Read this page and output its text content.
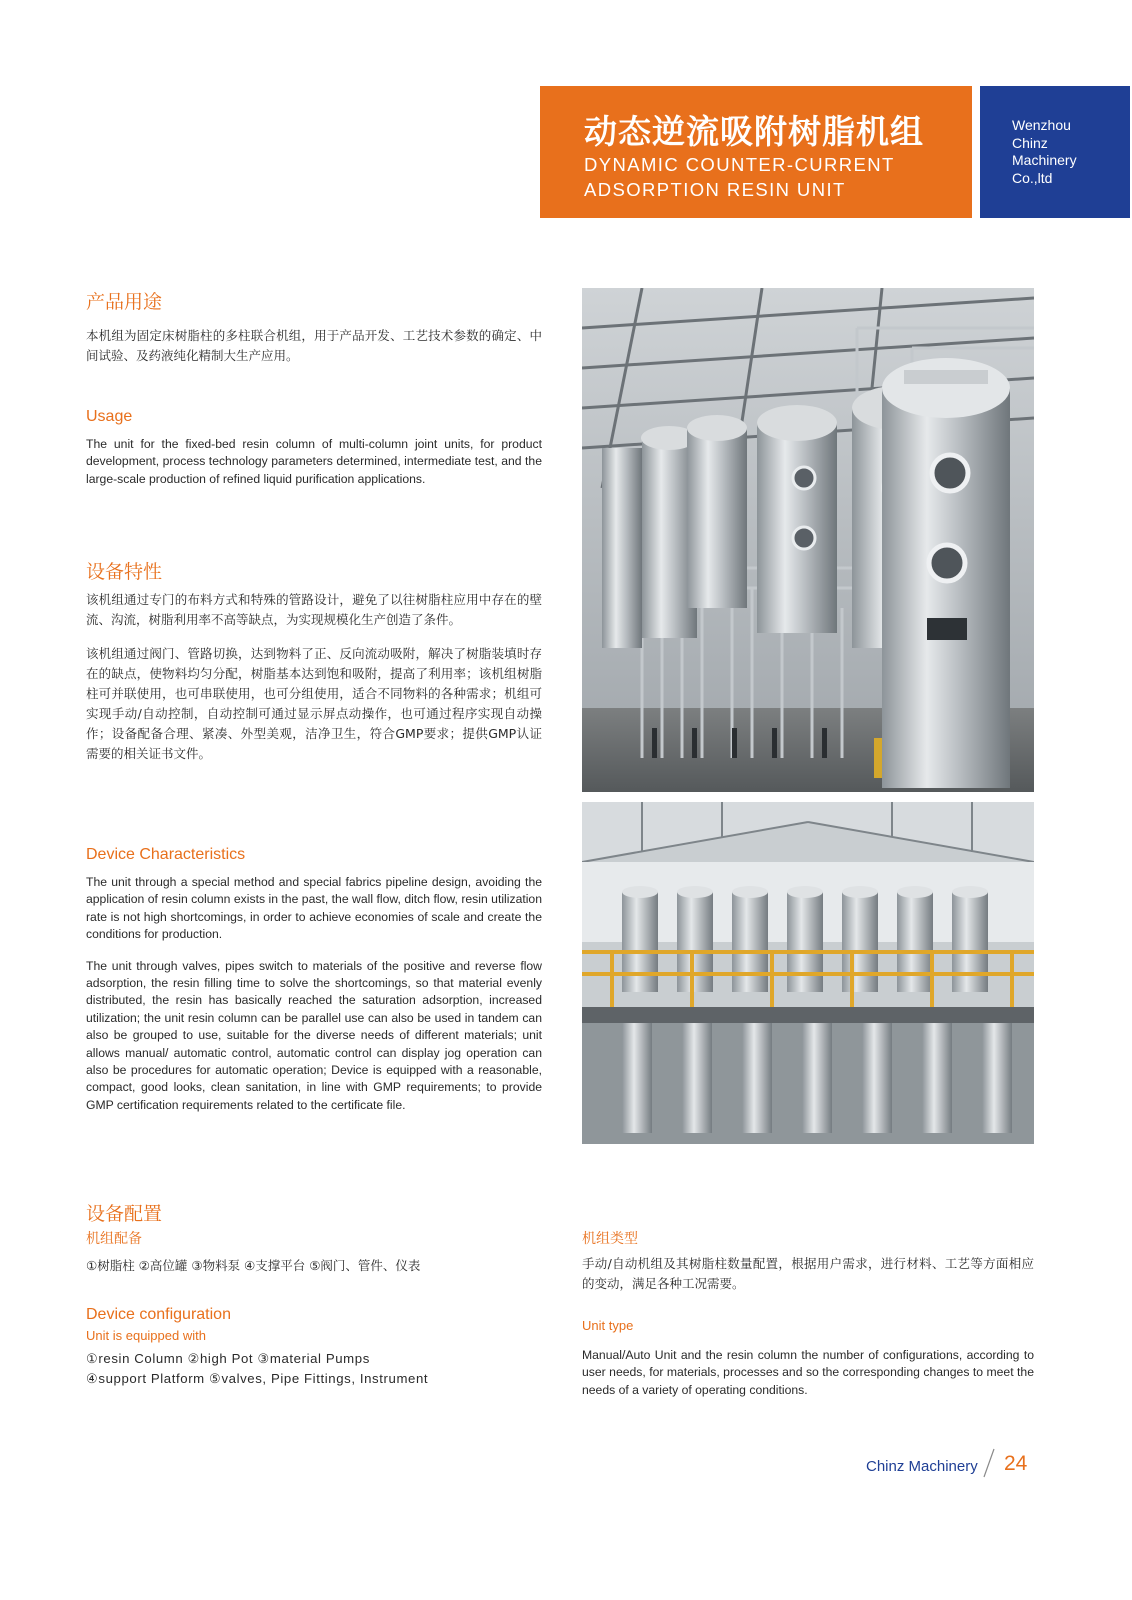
动态逆流吸附树脂机组
DYNAMIC COUNTER-CURRENT
ADSORPTION RESIN UNIT
Wenzhou
Chinz
Machinery
Co.,ltd
产品用途

本机组为固定床树脂柱的多柱联合机组，用于产品开发、工艺技术参数的确定、中间试验、及药液纯化精制大生产应用。

Usage

The unit for the fixed-bed resin column of multi-column joint units, for product development, process technology parameters determined, intermediate test, and the large-scale production of refined liquid purification applications.

设备特性

该机组通过专门的布料方式和特殊的管路设计，避免了以往树脂柱应用中存在的壁流、沟流，树脂利用率不高等缺点，为实现规模化生产创造了条件。

该机组通过阀门、管路切换，达到物料了正、反向流动吸附，解决了树脂装填时存在的缺点，使物料均匀分配，树脂基本达到饱和吸附，提高了利用率；该机组树脂柱可并联使用，也可串联使用，也可分组使用，适合不同物料的各种需求；机组可实现手动/自动控制，自动控制可通过显示屏点动操作，也可通过程序实现自动操作；设备配备合理、紧凑、外型美观，洁净卫生，符合GMP要求；提供GMP认证需要的相关证书文件。

Device Characteristics

The unit through a special method and special fabrics pipeline design, avoiding the application of resin column exists in the past, the wall flow, ditch flow, resin utilization rate is not high shortcomings, in order to achieve economies of scale and create the conditions for production.

The unit through valves, pipes switch to materials of the positive and reverse flow adsorption, the resin filling time to solve the shortcomings, so that material evenly distributed, the resin has basically reached the saturation adsorption, increased utilization; the unit resin column can be parallel use can also be used in tandem can also be grouped to use, suitable for the diverse needs of different materials; unit allows manual/ automatic control, automatic control can display jog operation can also be procedures for automatic operation; Device is equipped with a reasonable, compact, good looks, clean sanitation, in line with GMP requirements; to provide GMP certification requirements related to the certificate file.

设备配置
机组配备

①树脂柱 ②高位罐 ③物料泵 ④支撑平台 ⑤阀门、管件、仪表

Device configuration
Unit is equipped with
①resin Column ②high Pot ③material Pumps
④support Platform ⑤valves, Pipe Fittings, Instrument
机组类型

手动/自动机组及其树脂柱数量配置，根据用户需求，进行材料、工艺等方面相应的变动，满足各种工况需要。

Unit type

Manual/Auto Unit and the resin column the number of configurations, according to user needs, for materials, processes and so the corresponding changes to meet the needs of a variety of operating conditions.

Chinz Machinery 24
